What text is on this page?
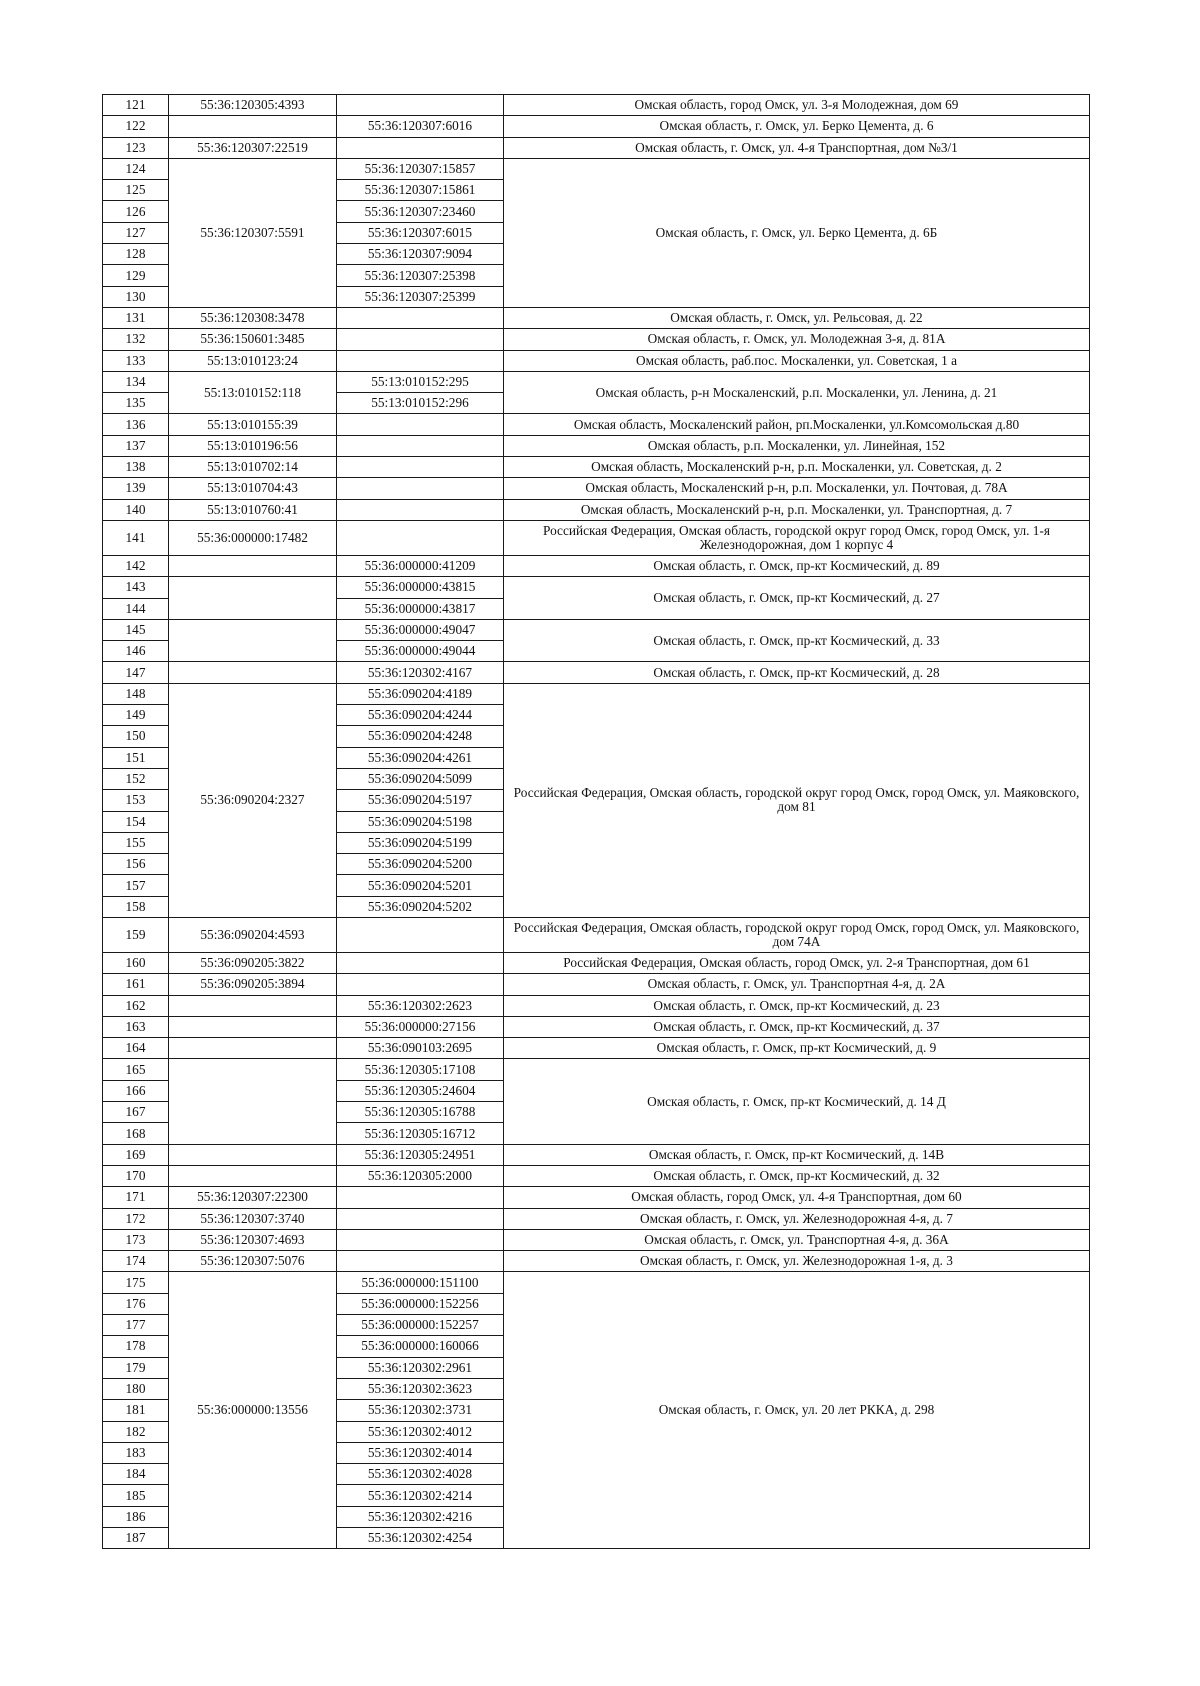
121	55:36:120305:4393		Омская область, город Омск, ул. 3-я Молодежная, дом 69
122		55:36:120307:6016	Омская область, г. Омск, ул. Берко Цемента, д. 6
123	55:36:120307:22519		Омская область, г. Омск, ул. 4-я Транспортная, дом №3/1
124	55:36:120307:5591	55:36:120307:15857	Омская область, г. Омск, ул. Берко Цемента, д. 6Б
125		55:36:120307:15861	
126		55:36:120307:23460	
127		55:36:120307:6015	
128		55:36:120307:9094	
129		55:36:120307:25398	
130		55:36:120307:25399	
131	55:36:120308:3478		Омская область, г. Омск, ул. Рельсовая, д. 22
132	55:36:150601:3485		Омская область, г. Омск, ул. Молодежная 3-я, д. 81А
133	55:13:010123:24		Омская область, раб.пос. Москаленки, ул. Советская, 1 а
134	55:13:010152:118	55:13:010152:295	Омская область, р-н Москаленский, р.п. Москаленки, ул. Ленина, д. 21
135		55:13:010152:296	
136	55:13:010155:39		Омская область, Москаленский район, рп.Москаленки, ул.Комсомольская д.80
137	55:13:010196:56		Омская область, р.п. Москаленки, ул. Линейная, 152
138	55:13:010702:14		Омская область, Москаленский р-н, р.п. Москаленки, ул. Советская, д. 2
139	55:13:010704:43		Омская область, Москаленский р-н, р.п. Москаленки, ул. Почтовая, д. 78А
140	55:13:010760:41		Омская область, Москаленский р-н, р.п. Москаленки, ул. Транспортная, д. 7
141	55:36:000000:17482		Российская Федерация, Омская область, городской округ город Омск, город Омск, ул. 1-я Железнодорожная, дом 1 корпус 4
142		55:36:000000:41209	Омская область, г. Омск, пр-кт Космический, д. 89
143		55:36:000000:43815	Омская область, г. Омск, пр-кт Космический, д. 27
144		55:36:000000:43817	
145		55:36:000000:49047	Омская область, г. Омск, пр-кт Космический, д. 33
146		55:36:000000:49044	
147		55:36:120302:4167	Омская область, г. Омск, пр-кт Космический, д. 28
148	55:36:090204:2327	55:36:090204:4189	Российская Федерация, Омская область, городской округ город Омск, город Омск, ул. Маяковского, дом 81
149		55:36:090204:4244	
150		55:36:090204:4248	
151		55:36:090204:4261	
152		55:36:090204:5099	
153		55:36:090204:5197	
154		55:36:090204:5198	
155		55:36:090204:5199	
156		55:36:090204:5200	
157		55:36:090204:5201	
158		55:36:090204:5202	
159	55:36:090204:4593		Российская Федерация, Омская область, городской округ город Омск, город Омск, ул. Маяковского, дом 74А
160	55:36:090205:3822		Российская Федерация, Омская область, город Омск, ул. 2-я Транспортная, дом 61
161	55:36:090205:3894		Омская область, г. Омск, ул. Транспортная 4-я, д. 2А
162		55:36:120302:2623	Омская область, г. Омск, пр-кт Космический, д. 23
163		55:36:000000:27156	Омская область, г. Омск, пр-кт Космический, д. 37
164		55:36:090103:2695	Омская область, г. Омск, пр-кт Космический, д. 9
165		55:36:120305:17108	Омская область, г. Омск, пр-кт Космический, д. 14 Д
166		55:36:120305:24604	
167		55:36:120305:16788	
168		55:36:120305:16712	
169		55:36:120305:24951	Омская область, г. Омск, пр-кт Космический, д. 14В
170		55:36:120305:2000	Омская область, г. Омск, пр-кт Космический, д. 32
171	55:36:120307:22300		Омская область, город Омск, ул. 4-я Транспортная, дом 60
172	55:36:120307:3740		Омская область, г. Омск, ул. Железнодорожная 4-я, д. 7
173	55:36:120307:4693		Омская область, г. Омск, ул. Транспортная 4-я, д. 36А
174	55:36:120307:5076		Омская область, г. Омск, ул. Железнодорожная 1-я, д. 3
175	55:36:000000:13556	55:36:000000:151100	Омская область, г. Омск, ул. 20 лет РККА, д. 298
176		55:36:000000:152256	
177		55:36:000000:152257	
178		55:36:000000:160066	
179		55:36:120302:2961	
180		55:36:120302:3623	
181		55:36:120302:3731	
182		55:36:120302:4012	
183		55:36:120302:4014	
184		55:36:120302:4028	
185		55:36:120302:4214	
186		55:36:120302:4216	
187		55:36:120302:4254	
